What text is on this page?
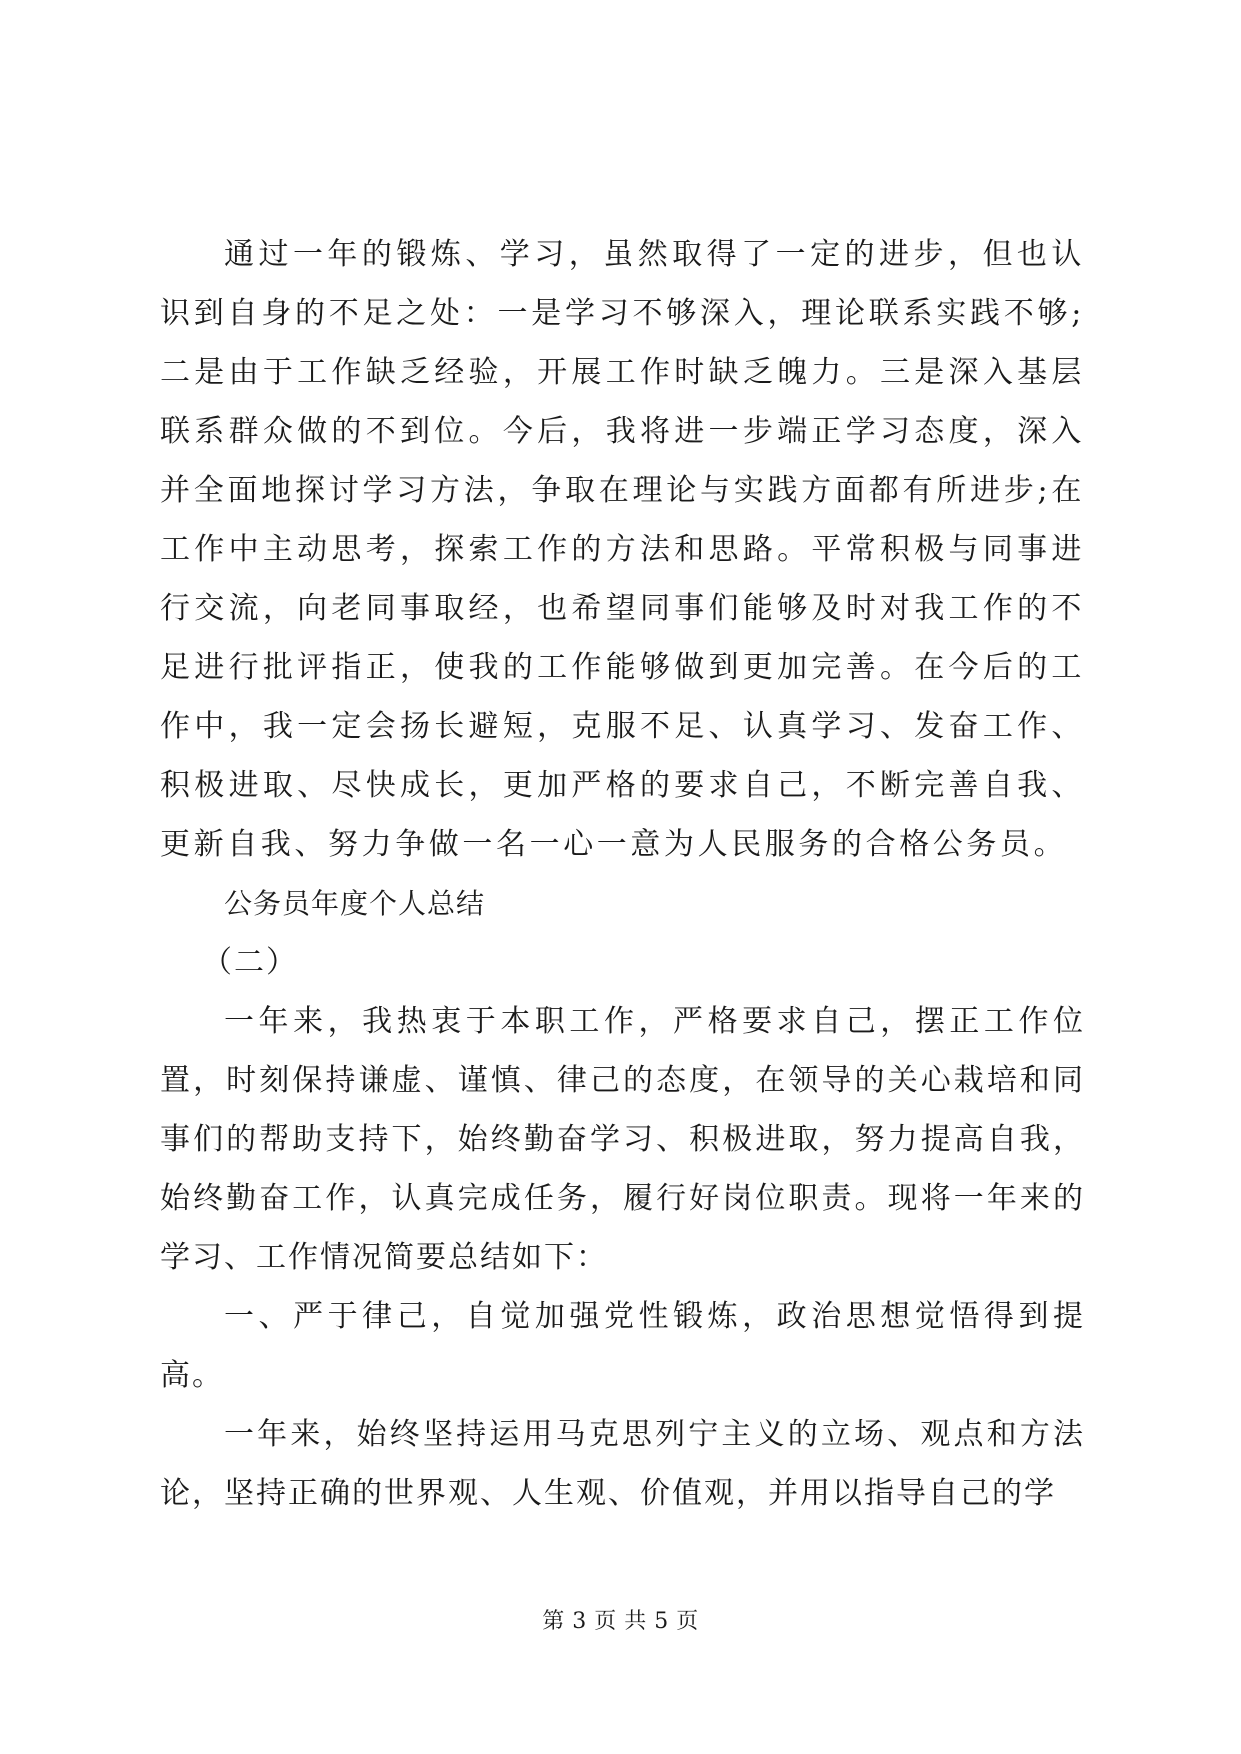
通过一年的锻炼、学习，虽然取得了一定的进步，但也认识到自身的不足之处：一是学习不够深入，理论联系实践不够;二是由于工作缺乏经验，开展工作时缺乏魄力。三是深入基层联系群众做的不到位。今后，我将进一步端正学习态度，深入并全面地探讨学习方法，争取在理论与实践方面都有所进步;在工作中主动思考，探索工作的方法和思路。平常积极与同事进行交流，向老同事取经，也希望同事们能够及时对我工作的不足进行批评指正，使我的工作能够做到更加完善。在今后的工作中，我一定会扬长避短，克服不足、认真学习、发奋工作、积极进取、尽快成长，更加严格的要求自己，不断完善自我、更新自我、努力争做一名一心一意为人民服务的合格公务员。

公务员年度个人总结

（二）

一年来，我热衷于本职工作，严格要求自己，摆正工作位置，时刻保持谦虚、谨慎、律己的态度，在领导的关心栽培和同事们的帮助支持下，始终勤奋学习、积极进取，努力提高自我，始终勤奋工作，认真完成任务，履行好岗位职责。现将一年来的学习、工作情况简要总结如下：

一、严于律己，自觉加强党性锻炼，政治思想觉悟得到提高。

一年来，始终坚持运用马克思列宁主义的立场、观点和方法论，坚持正确的世界观、人生观、价值观，并用以指导自己的学

第 3 页 共 5 页
